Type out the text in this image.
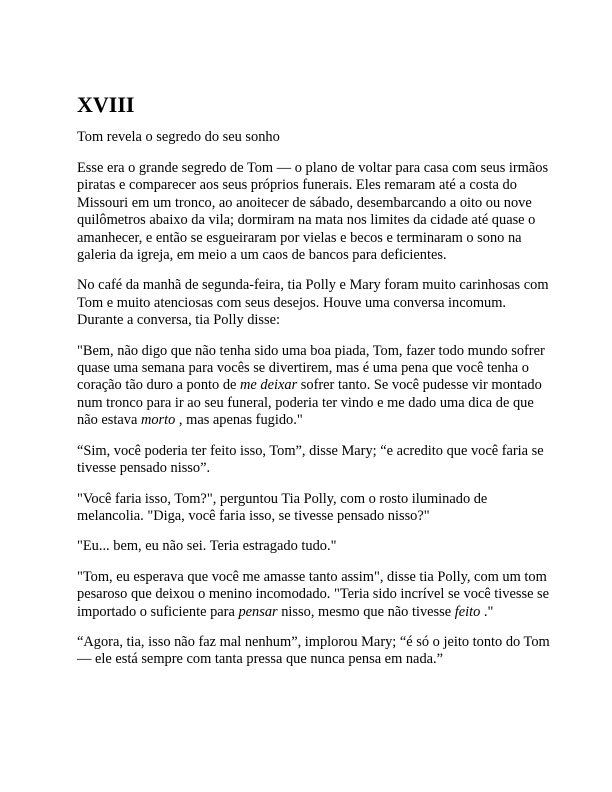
XVIII
Tom revela o segredo do seu sonho

Esse era o grande segredo de Tom — o plano de voltar para casa com seus irmãos piratas e comparecer aos seus próprios funerais. Eles remaram até a costa do Missouri em um tronco, ao anoitecer de sábado, desembarcando a oito ou nove quilômetros abaixo da vila; dormiram na mata nos limites da cidade até quase o amanhecer, e então se esgueiraram por vielas e becos e terminaram o sono na galeria da igreja, em meio a um caos de bancos para deficientes.

No café da manhã de segunda-feira, tia Polly e Mary foram muito carinhosas com Tom e muito atenciosas com seus desejos. Houve uma conversa incomum. Durante a conversa, tia Polly disse:

"Bem, não digo que não tenha sido uma boa piada, Tom, fazer todo mundo sofrer quase uma semana para vocês se divertirem, mas é uma pena que você tenha o coração tão duro a ponto de me deixar sofrer tanto. Se você pudesse vir montado num tronco para ir ao seu funeral, poderia ter vindo e me dado uma dica de que não estava morto , mas apenas fugido."

“Sim, você poderia ter feito isso, Tom”, disse Mary; “e acredito que você faria se tivesse pensado nisso”.

"Você faria isso, Tom?", perguntou Tia Polly, com o rosto iluminado de melancolia. "Diga, você faria isso, se tivesse pensado nisso?"

"Eu... bem, eu não sei. Teria estragado tudo."

"Tom, eu esperava que você me amasse tanto assim", disse tia Polly, com um tom pesaroso que deixou o menino incomodado. "Teria sido incrível se você tivesse se importado o suficiente para pensar nisso, mesmo que não tivesse feito ."

“Agora, tia, isso não faz mal nenhum”, implorou Mary; “é só o jeito tonto do Tom — ele está sempre com tanta pressa que nunca pensa em nada.”
